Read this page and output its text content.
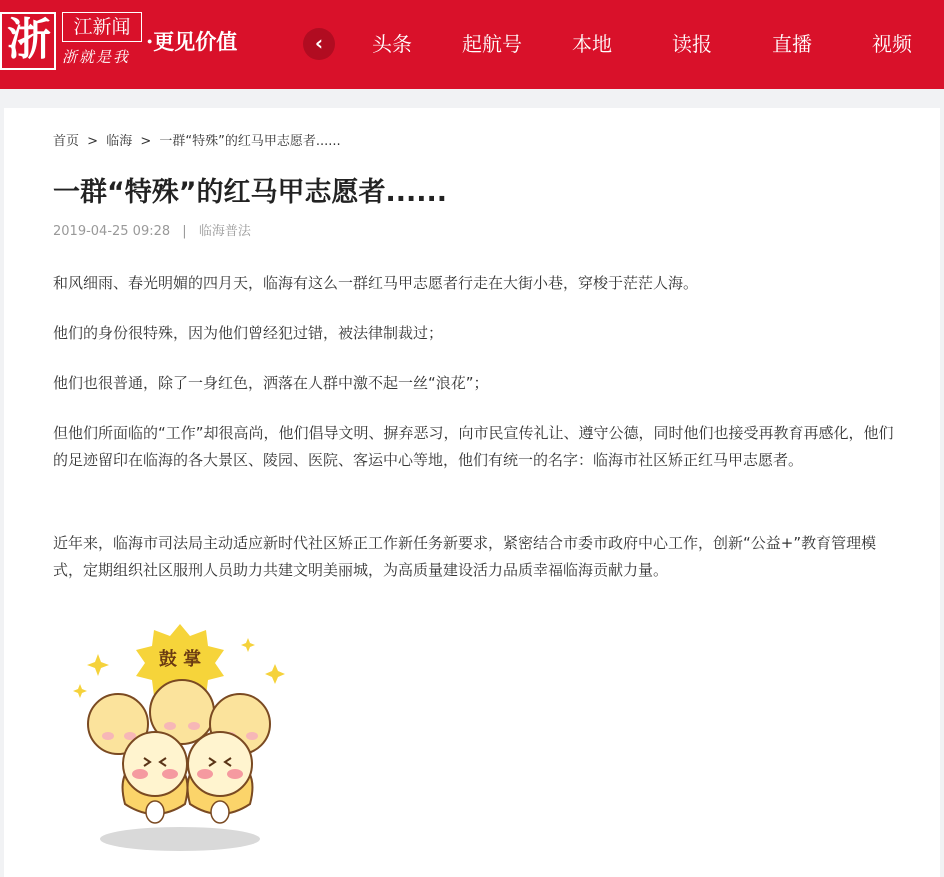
浙	江新闻
浙就是我
·更见价值	‹	头条	起航号	本地	读报	直播	视频
首页 > 临海 > 一群“特殊”的红马甲志愿者......
一群“特殊”的红马甲志愿者......
2019-04-25 09:28 | 临海普法

和风细雨、春光明媚的四月天，临海有这么一群红马甲志愿者行走在大街小巷，穿梭于茫茫人海。

他们的身份很特殊，因为他们曾经犯过错，被法律制裁过；

他们也很普通，除了一身红色，洒落在人群中激不起一丝“浪花”；

但他们所面临的“工作”却很高尚，他们倡导文明、摒弃恶习，向市民宣传礼让、遵守公德，同时他们也接受再教育再感化，他们的足迹留印在临海的各大景区、陵园、医院、客运中心等地，他们有统一的名字：临海市社区矫正红马甲志愿者。

近年来，临海市司法局主动适应新时代社区矫正工作新任务新要求，紧密结合市委市政府中心工作，创新“公益+”教育管理模式，定期组织社区服刑人员助力共建文明美丽城，为高质量建设活力品质幸福临海贡献力量。

鼓 掌
